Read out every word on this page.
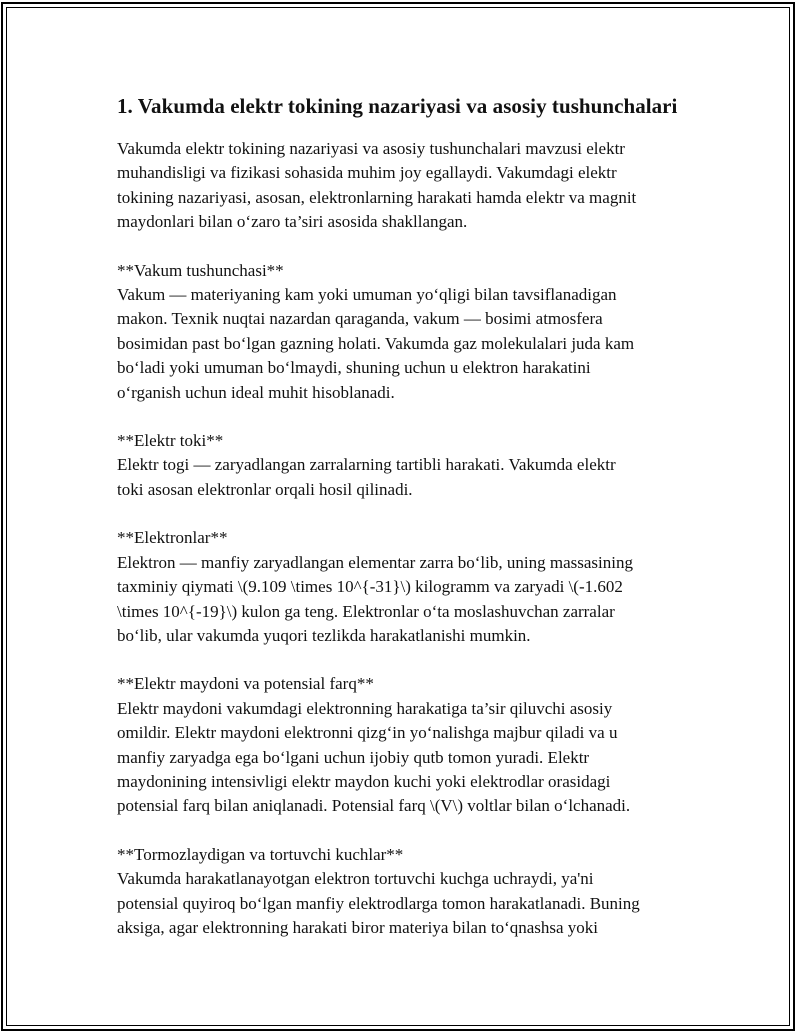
1. Vakumda elektr tokining nazariyasi va asosiy tushunchalari

Vakumda elektr tokining nazariyasi va asosiy tushunchalari mavzusi elektr
muhandisligi va fizikasi sohasida muhim joy egallaydi. Vakumdagi elektr
tokining nazariyasi, asosan, elektronlarning harakati hamda elektr va magnit
maydonlari bilan o‘zaro ta’siri asosida shakllangan.

**Vakum tushunchasi**
Vakum — materiyaning kam yoki umuman yo‘qligi bilan tavsiflanadigan
makon. Texnik nuqtai nazardan qaraganda, vakum — bosimi atmosfera
bosimidan past bo‘lgan gazning holati. Vakumda gaz molekulalari juda kam
bo‘ladi yoki umuman bo‘lmaydi, shuning uchun u elektron harakatini
o‘rganish uchun ideal muhit hisoblanadi.

**Elektr toki**
Elektr togi — zaryadlangan zarralarning tartibli harakati. Vakumda elektr
toki asosan elektronlar orqali hosil qilinadi.

**Elektronlar**
Elektron — manfiy zaryadlangan elementar zarra bo‘lib, uning massasining
taxminiy qiymati \(9.109 \times 10^{-31}\) kilogramm va zaryadi \(-1.602
\times 10^{-19}\) kulon ga teng. Elektronlar o‘ta moslashuvchan zarralar
bo‘lib, ular vakumda yuqori tezlikda harakatlanishi mumkin.

**Elektr maydoni va potensial farq**
Elektr maydoni vakumdagi elektronning harakatiga ta’sir qiluvchi asosiy
omildir. Elektr maydoni elektronni qizg‘in yo‘nalishga majbur qiladi va u
manfiy zaryadga ega bo‘lgani uchun ijobiy qutb tomon yuradi. Elektr
maydonining intensivligi elektr maydon kuchi yoki elektrodlar orasidagi
potensial farq bilan aniqlanadi. Potensial farq \(V\) voltlar bilan o‘lchanadi.

**Tormozlaydigan va tortuvchi kuchlar**
Vakumda harakatlanayotgan elektron tortuvchi kuchga uchraydi, ya'ni
potensial quyiroq bo‘lgan manfiy elektrodlarga tomon harakatlanadi. Buning
aksiga, agar elektronning harakati biror materiya bilan to‘qnashsa yoki
